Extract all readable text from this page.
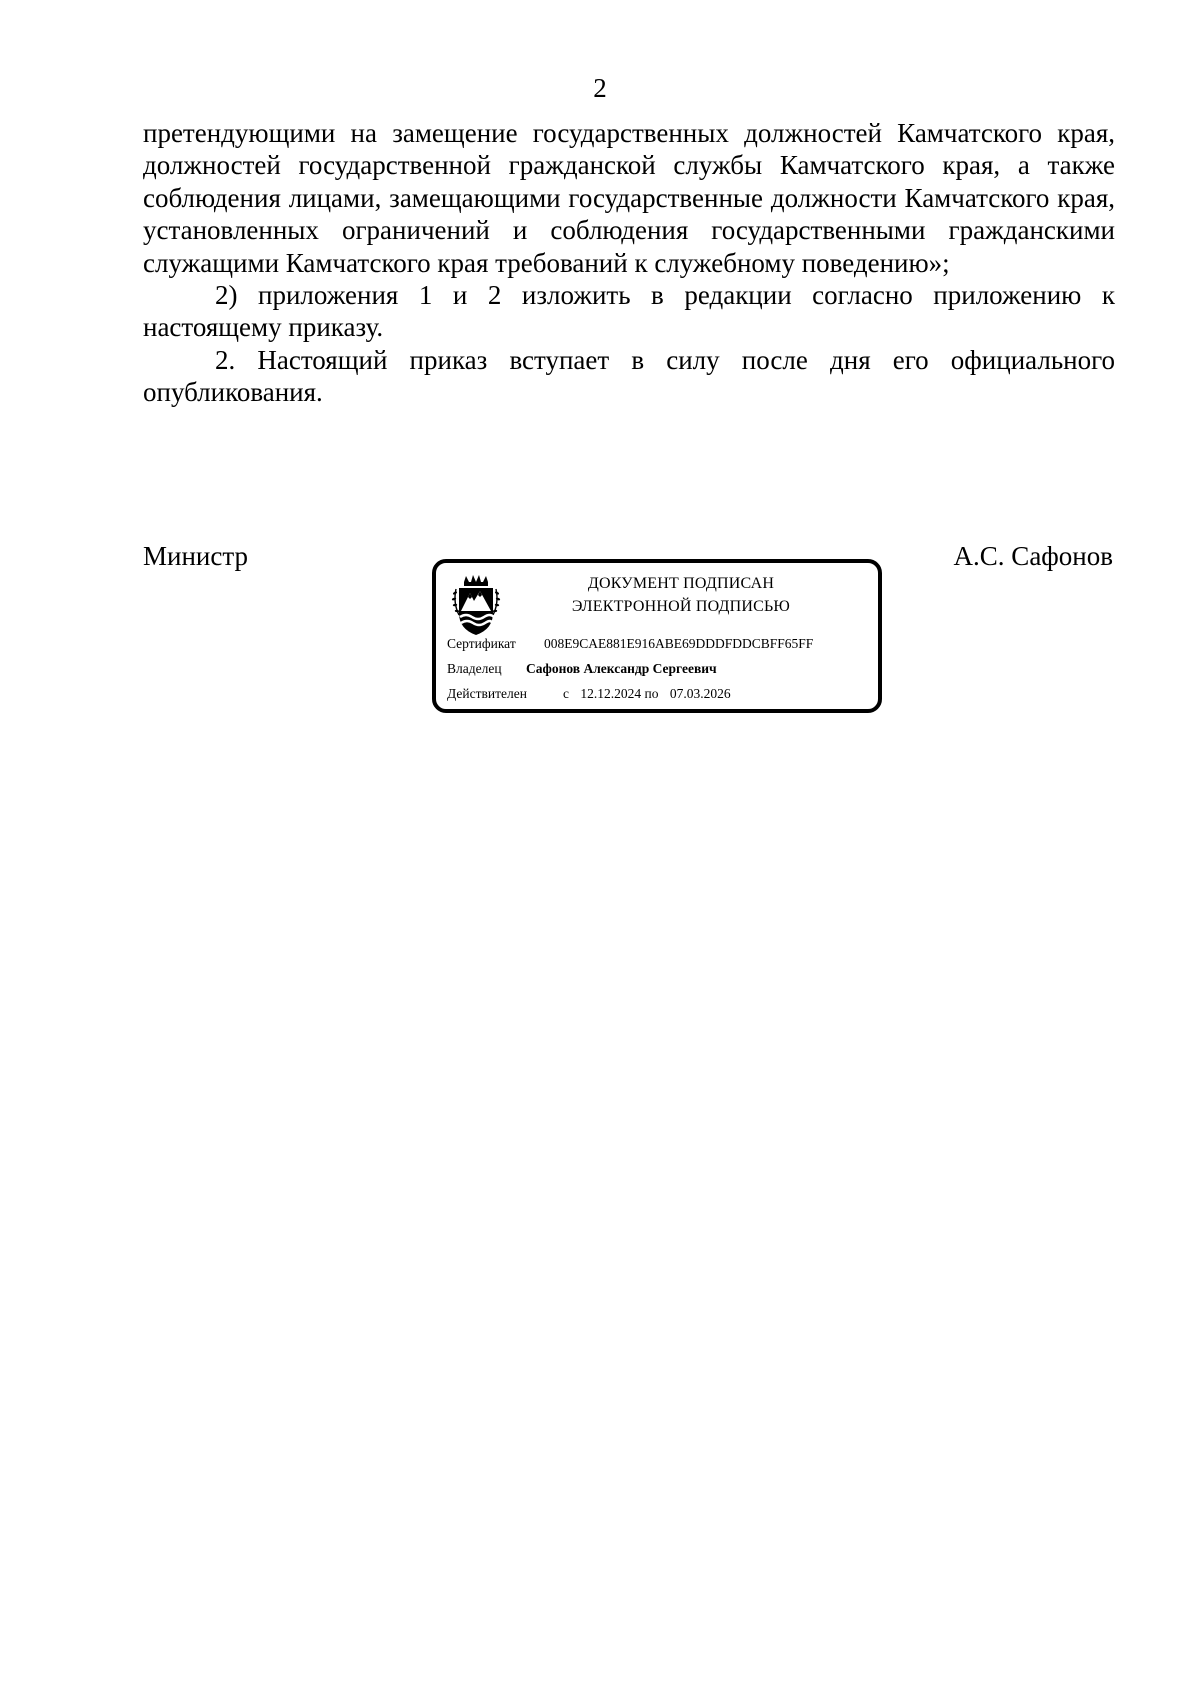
2

претендующими на замещение государственных должностей Камчатского края, должностей государственной гражданской службы Камчатского края, а также соблюдения лицами, замещающими государственные должности Камчатского края, установленных ограничений и соблюдения государственными гражданскими служащими Камчатского края требований к служебному поведению»;

2) приложения 1 и 2 изложить в редакции согласно приложению к настоящему приказу.

2. Настоящий приказ вступает в силу после дня его официального опубликования.

Министр	А.С. Сафонов
ДОКУМЕНТ ПОДПИСАН
ЭЛЕКТРОННОЙ ПОДПИСЬЮ
Сертификат 008E9CAE881E916ABE69DDDFDDCBFF65FF
Владелец Сафонов Александр Сергеевич
Действителен	с 12.12.2024 по 07.03.2026
